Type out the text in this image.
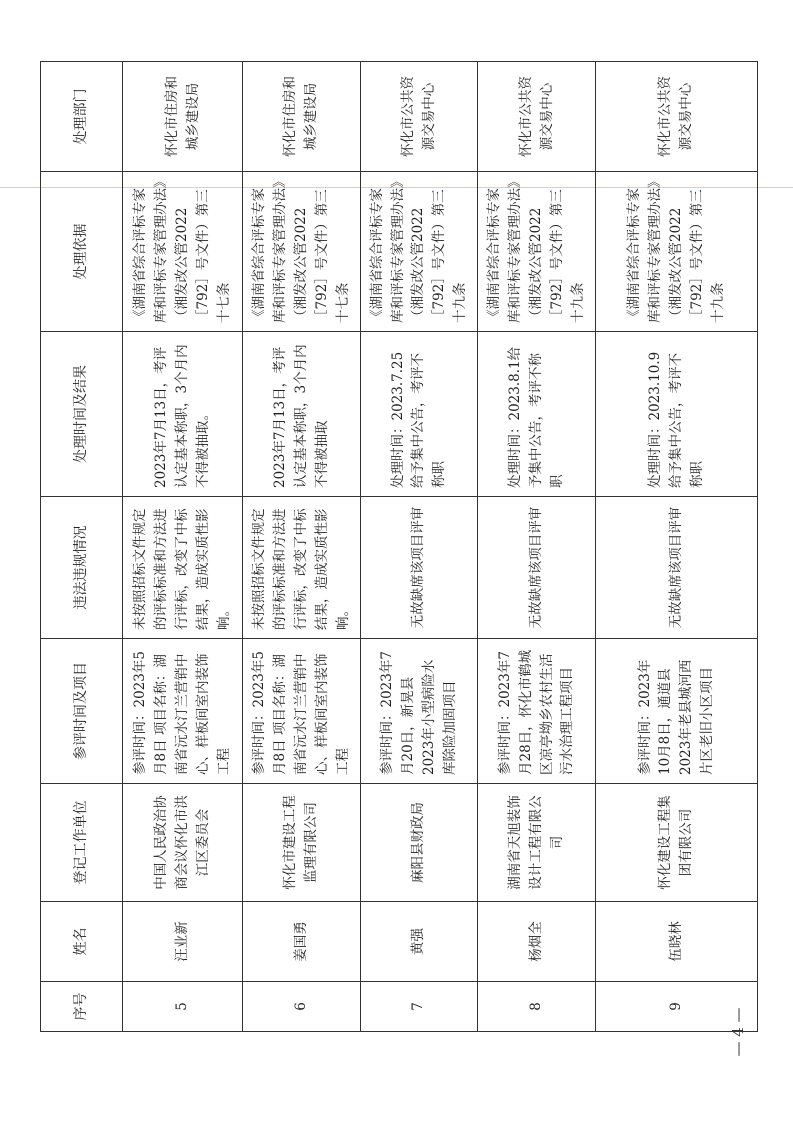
序号	姓名	登记工作单位	参评时间及项目	违法违规情况	处理时间及结果	处理依据	处理部门
5	汪业新	中国人民政治协商会议怀化市洪江区委员会	参评时间：2023年5月8日 项目名称：湖南省沅水汀兰营销中心、样板间室内装饰工程	未按照招标文件规定的评标标准和方法进行评标，改变了中标结果，造成实质性影响。	2023年7月13日，考评认定基本称职，3个月内不得被抽取。	《湖南省综合评标专家库和评标专家管理办法》（湘发改公管2022［792］号文件）第三十七条	怀化市住房和城乡建设局
6	姜国勇	怀化市建设工程监理有限公司	参评时间：2023年5月8日 项目名称：湖南省沅水汀兰营销中心、样板间室内装饰工程	未按照招标文件规定的评标标准和方法进行评标，改变了中标结果，造成实质性影响。	2023年7月13日，考评认定基本称职，3个月内不得被抽取	《湖南省综合评标专家库和评标专家管理办法》（湘发改公管2022［792］号文件）第三十七条	怀化市住房和城乡建设局
7	黄强	麻阳县财政局	参评时间：2023年7月20日，新晃县2023年小型病险水库除险加固项目	无故缺席该项目评审	处理时间：2023.7.25给予集中公告，考评不称职	《湖南省综合评标专家库和评标专家管理办法》（湘发改公管2022［792］号文件）第三十九条	怀化市公共资源交易中心
8	杨烟全	湖南省天旭装饰设计工程有限公司	参评时间：2023年7月28日，怀化市鹤城区凉亭坳乡农村生活污水治理工程项目	无故缺席该项目评审	处理时间：2023.8.1给予集中公告，考评不称职	《湖南省综合评标专家库和评标专家管理办法》（湘发改公管2022［792］号文件）第三十九条	怀化市公共资源交易中心
9	伍晓林	怀化建设工程集团有限公司	参评时间：2023年10月8日，通道县2023年老县城河西片区老旧小区项目	无故缺席该项目评审	处理时间：2023.10.9给予集中公告，考评不称职	《湖南省综合评标专家库和评标专家管理办法》（湘发改公管2022［792］号文件）第三十九条	怀化市公共资源交易中心
— 4 —
